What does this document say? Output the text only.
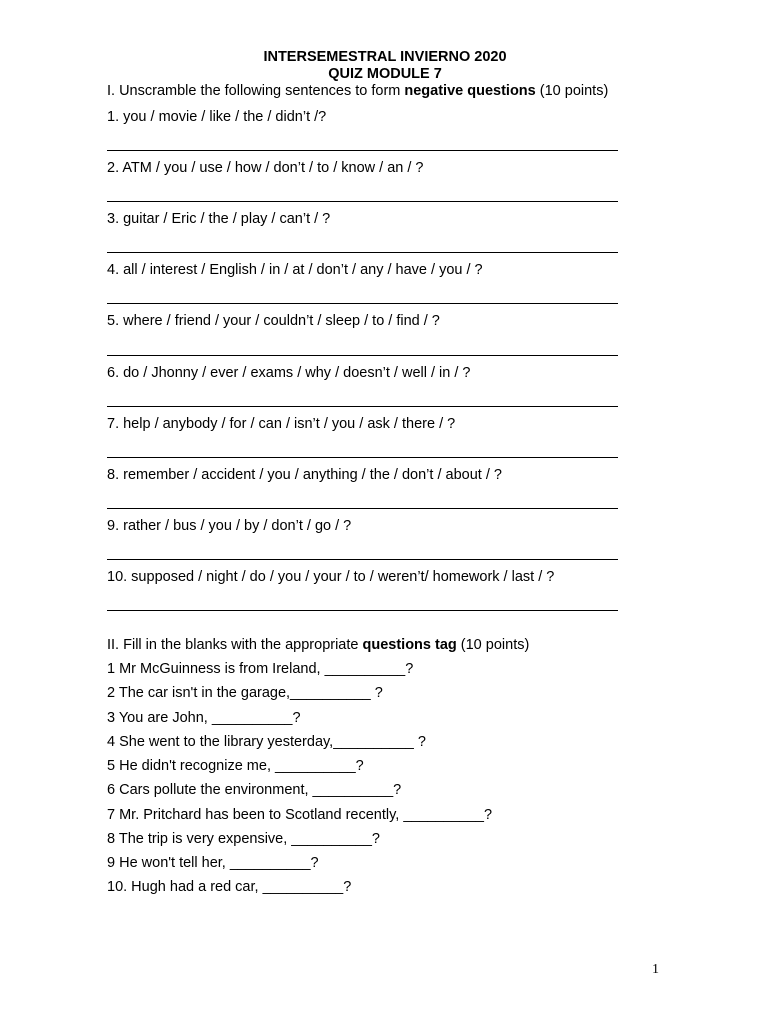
INTERSEMESTRAL INVIERNO 2020
QUIZ MODULE 7
I. Unscramble the following sentences to form negative questions (10 points)
1. you / movie / like / the / didn’t /?
2. ATM / you / use / how / don’t / to / know / an / ?
3. guitar / Eric / the / play / can’t / ?
4. all / interest / English / in / at / don’t / any / have / you / ?
5. where / friend / your / couldn’t / sleep / to / find / ?
6. do / Jhonny / ever / exams / why / doesn’t / well / in / ?
7. help / anybody / for / can / isn’t / you / ask / there / ?
8. remember / accident / you / anything / the / don’t / about / ?
9. rather / bus / you / by / don’t / go / ?
10. supposed / night / do / you / your / to / weren’t/ homework / last / ?
II. Fill in the blanks with the appropriate questions tag (10 points)
1 Mr McGuinness is from Ireland, __________?
2 The car isn't in the garage,__________ ?
3 You are John, __________?
4 She went to the library yesterday,__________ ?
5 He didn't recognize me, __________?
6 Cars pollute the environment, __________?
7 Mr. Pritchard has been to Scotland recently, __________?
8 The trip is very expensive, __________?
9 He won't tell her, __________?
10. Hugh had a red car, __________?
1
